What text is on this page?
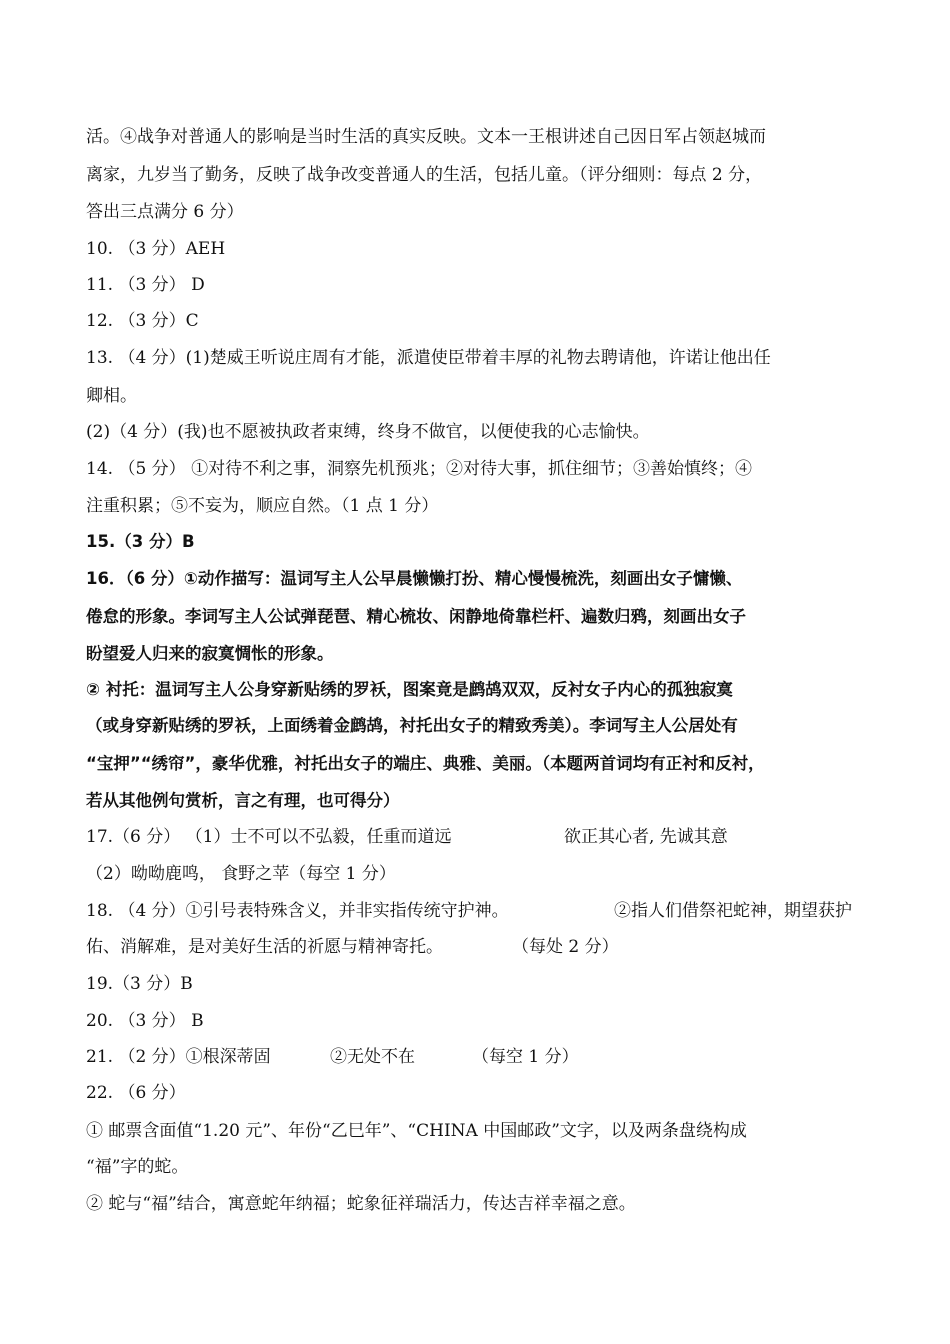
活。④战争对普通人的影响是当时生活的真实反映。文本一王根讲述自己因日军占领赵城而
离家，九岁当了勤务，反映了战争改变普通人的生活，包括儿童。（评分细则：每点 2 分，
答出三点满分 6 分）
10. （3 分）AEH
11. （3 分） D
12. （3 分）C
13. （4 分）(1)楚威王听说庄周有才能，派遣使臣带着丰厚的礼物去聘请他，许诺让他出任
卿相。
(2)（4 分）(我)也不愿被执政者束缚，终身不做官，以便使我的心志愉快。
14. （5 分） ①对待不利之事，洞察先机预兆；②对待大事，抓住细节；③善始慎终；④
注重积累；⑤不妄为，顺应自然。（1 点 1 分）
15.（3 分）B
16．（6 分）①动作描写：温词写主人公早晨懒懒打扮、精心慢慢梳洗，刻画出女子慵懒、
倦怠的形象。李词写主人公试弹琵琶、精心梳妆、闲静地倚靠栏杆、遍数归鸦，刻画出女子
盼望爱人归来的寂寞惆怅的形象。
② 衬托：温词写主人公身穿新贴绣的罗袄，图案竟是鹧鸪双双，反衬女子内心的孤独寂寞
（或身穿新贴绣的罗袄，上面绣着金鹧鸪，衬托出女子的精致秀美）。李词写主人公居处有
“宝押”“绣帘”，豪华优雅，衬托出女子的端庄、典雅、美丽。（本题两首词均有正衬和反衬，
若从其他例句赏析，言之有理，也可得分）
17.（6 分） （1）士不可以不弘毅，任重而道远	欲正其心者, 先诚其意
（2）呦呦鹿鸣， 食野之苹（每空 1 分）
18. （4 分）①引号表特殊含义，并非实指传统守护神。	②指人们借祭祀蛇神，期望获护
佑、消解难，是对美好生活的祈愿与精神寄托。	（每处 2 分）
19.（3 分）B
20. （3 分） B
21. （2 分）①根深蒂固	②无处不在	（每空 1 分）
22. （6 分）
① 邮票含面值“1.20 元”、年份“乙巳年”、“CHINA 中国邮政”文字，以及两条盘绕构成
“福”字的蛇。
② 蛇与“福”结合，寓意蛇年纳福；蛇象征祥瑞活力，传达吉祥幸福之意。
